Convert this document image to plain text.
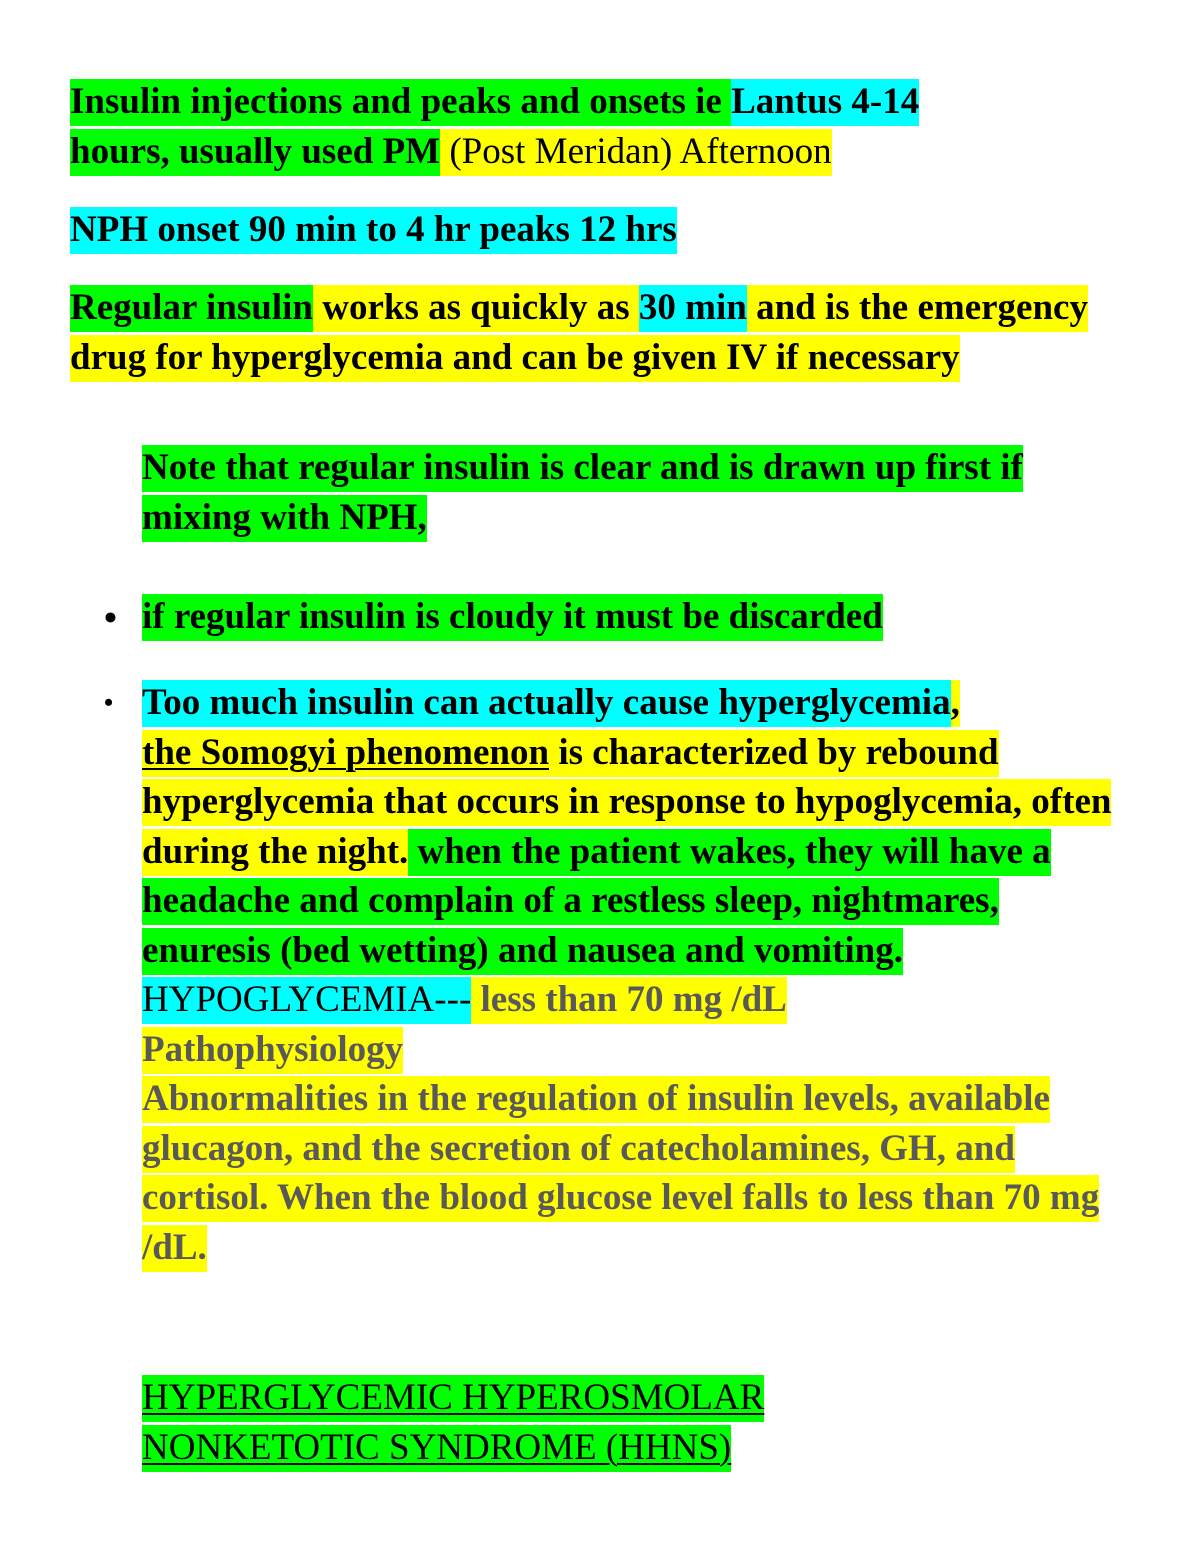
Insulin injections and peaks and onsets ie Lantus 4-14
hours, usually used PM (Post Meridan) Afternoon

NPH onset 90 min to 4 hr peaks 12 hrs

Regular insulin works as quickly as 30 min and is the emergency drug for hyperglycemia and can be given IV if necessary

Note that regular insulin is clear and is drawn up first if mixing with NPH,

• if regular insulin is cloudy it must be discarded

• Too much insulin can actually cause hyperglycemia,
the Somogyi phenomenon is characterized by rebound hyperglycemia that occurs in response to hypoglycemia, often during the night. when the patient wakes, they will have a headache and complain of a restless sleep, nightmares, enuresis (bed wetting) and nausea and vomiting.
HYPOGLYCEMIA--- less than 70 mg /dL
Pathophysiology
Abnormalities in the regulation of insulin levels, available glucagon, and the secretion of catecholamines, GH, and cortisol. When the blood glucose level falls to less than 70 mg /dL.

HYPERGLYCEMIC HYPEROSMOLAR
NONKETOTIC SYNDROME (HHNS)
